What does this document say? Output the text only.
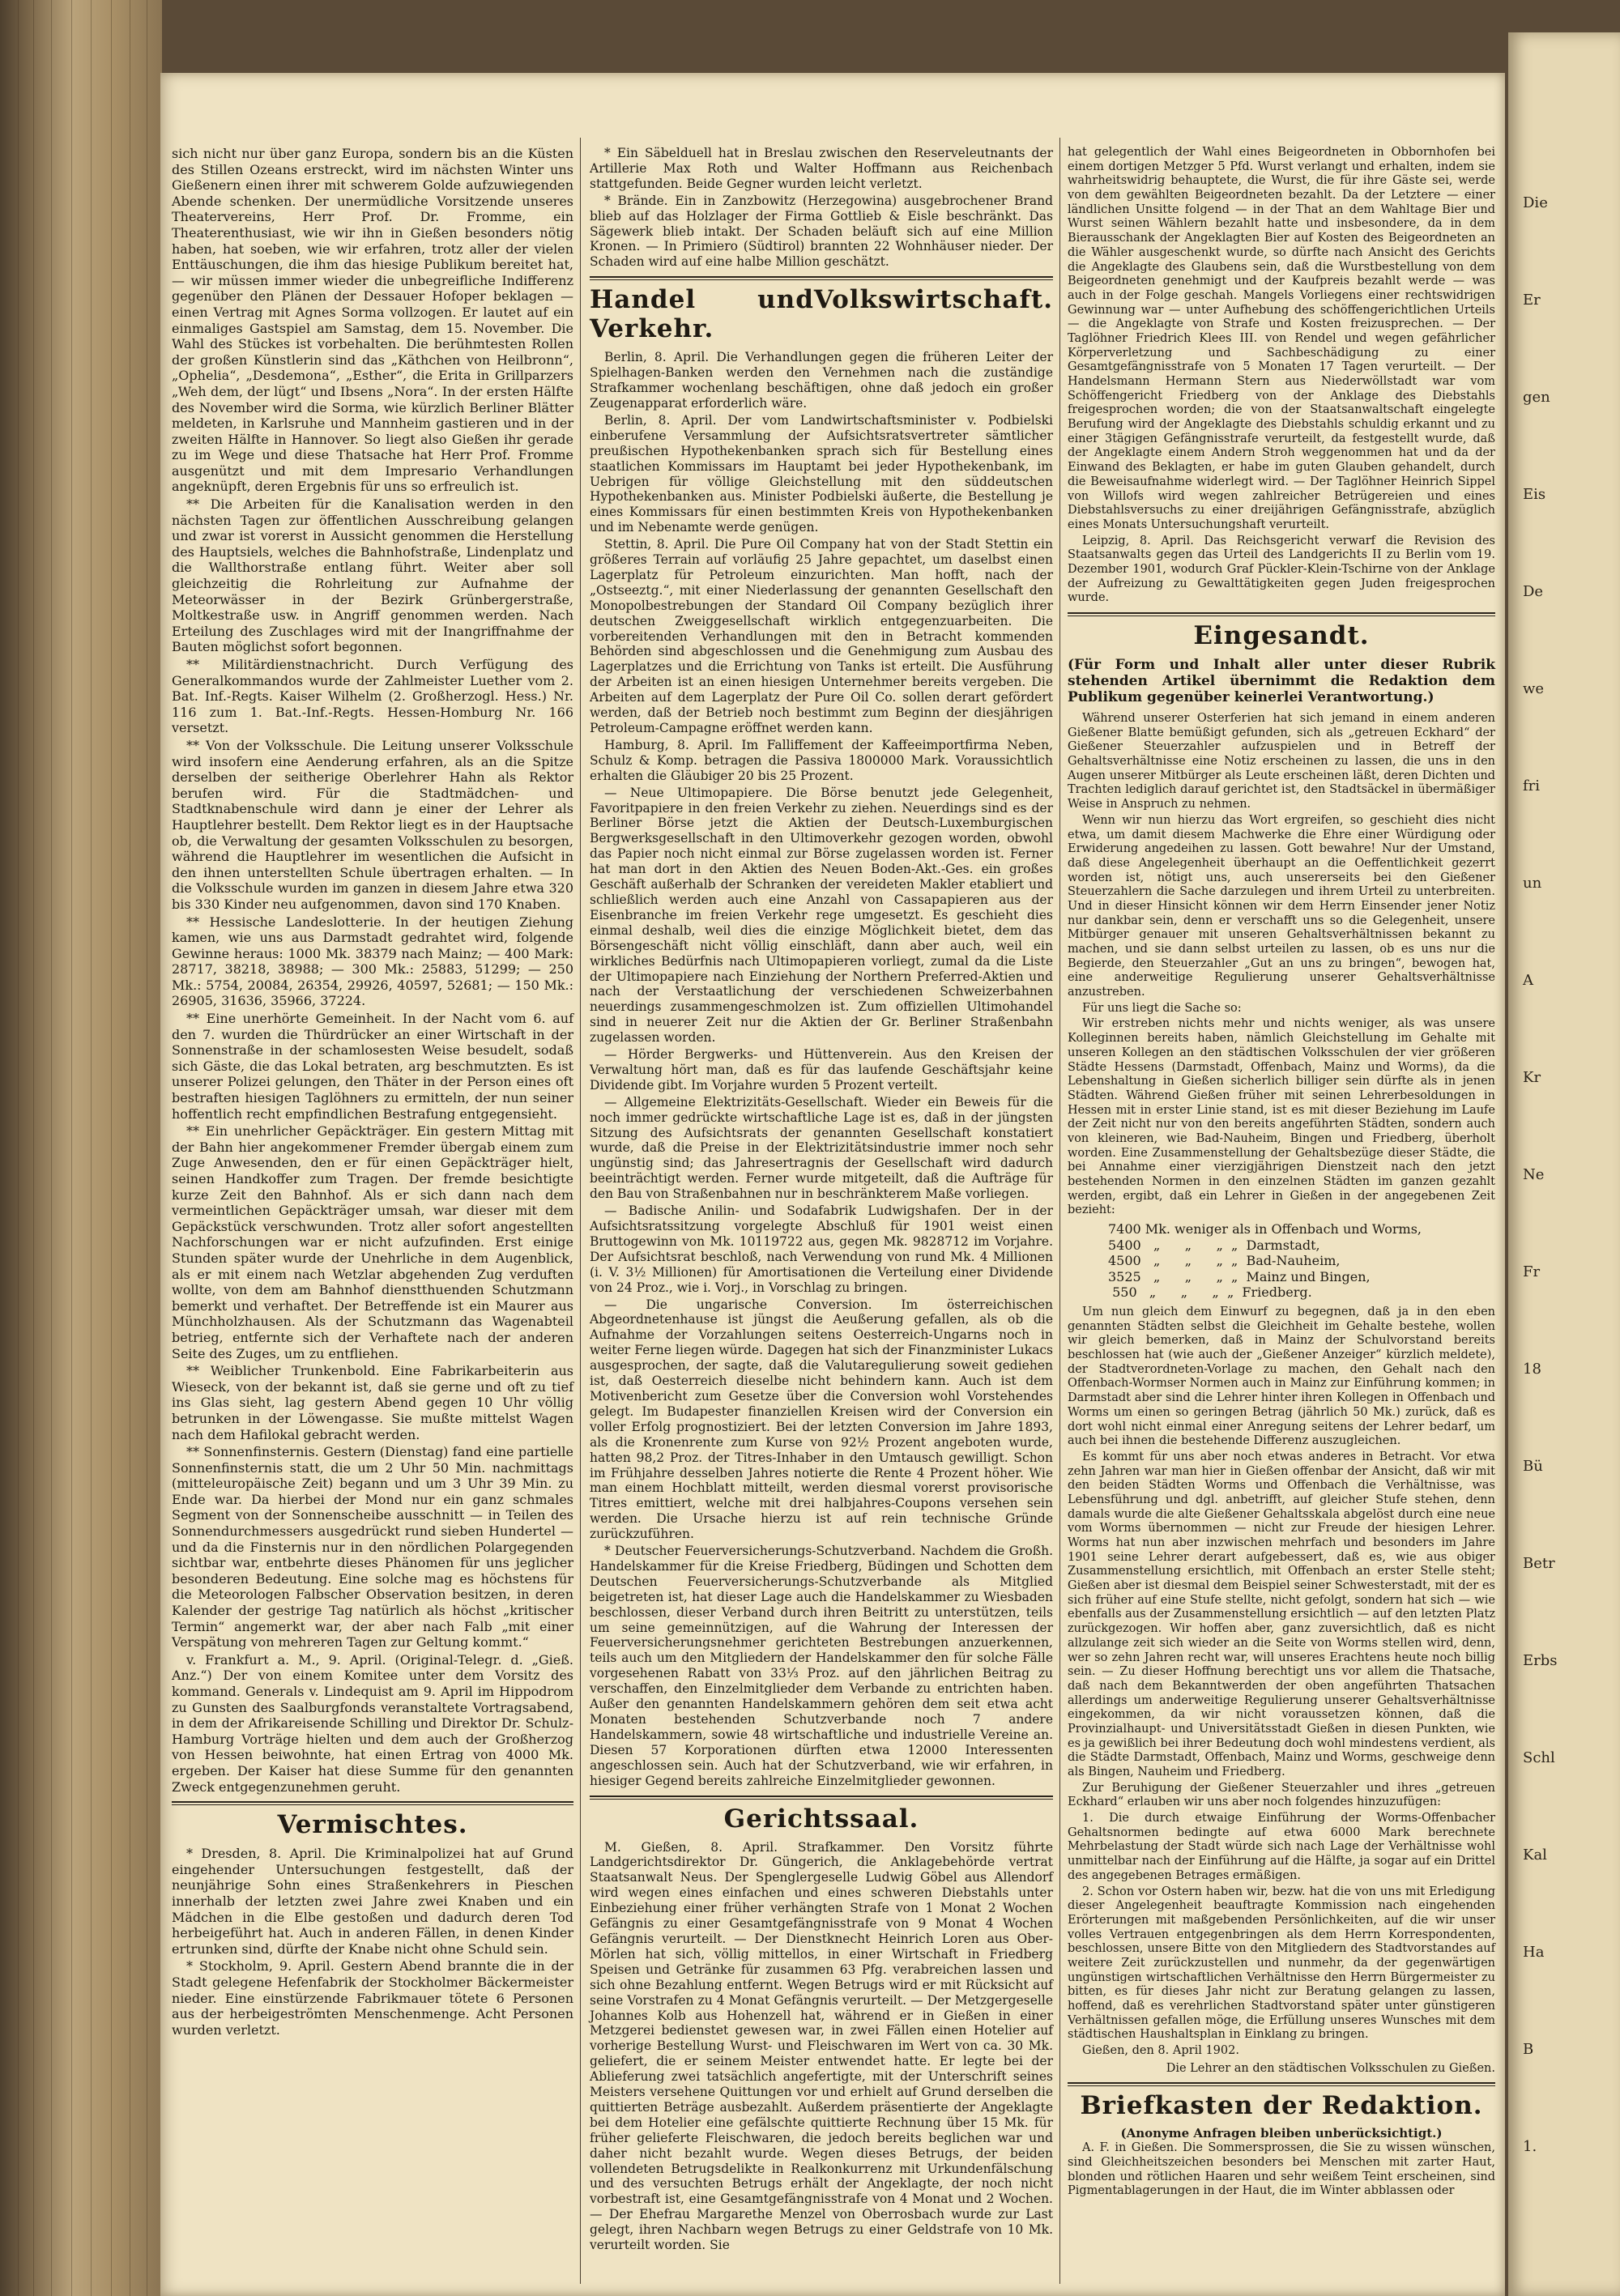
sich nicht nur über ganz Europa, sondern bis an die Küsten des Stillen Ozeans erstreckt, wird im nächsten Winter uns Gießenern einen ihrer mit schwerem Golde aufzuwiegenden Abende schenken. Der unermüdliche Vorsitzende unseres Theatervereins, Herr Prof. Dr. Fromme, ein Theaterenthusiast, wie wir ihn in Gießen besonders nötig haben, hat soeben, wie wir erfahren, trotz aller der vielen Enttäuschungen, die ihm das hiesige Publikum bereitet hat, — wir müssen immer wieder die unbegreifliche Indifferenz gegenüber den Plänen der Dessauer Hofoper beklagen — einen Vertrag mit Agnes Sorma vollzogen. Er lautet auf ein einmaliges Gastspiel am Samstag, dem 15. November. Die Wahl des Stückes ist vorbehalten. Die berühmtesten Rollen der großen Künstlerin sind das „Käthchen von Heilbronn“, „Ophelia“, „Desdemona“, „Esther“, die Erita in Grillparzers „Weh dem, der lügt“ und Ibsens „Nora“. In der ersten Hälfte des November wird die Sorma, wie kürzlich Berliner Blätter meldeten, in Karlsruhe und Mannheim gastieren und in der zweiten Hälfte in Hannover. So liegt also Gießen ihr gerade zu im Wege und diese Thatsache hat Herr Prof. Fromme ausgenützt und mit dem Impresario Verhandlungen angeknüpft, deren Ergebnis für uns so erfreulich ist.

** Die Arbeiten für die Kanalisation werden in den nächsten Tagen zur öffentlichen Ausschreibung gelangen und zwar ist vorerst in Aussicht genommen die Herstellung des Hauptsiels, welches die Bahnhofstraße, Lindenplatz und die Wallthorstraße entlang führt. Weiter aber soll gleichzeitig die Rohrleitung zur Aufnahme der Meteorwässer in der Bezirk Grünbergerstraße, Moltkestraße usw. in Angriff genommen werden. Nach Erteilung des Zuschlages wird mit der Inangriffnahme der Bauten möglichst sofort begonnen.

** Militärdienstnachricht. Durch Verfügung des Generalkommandos wurde der Zahlmeister Luether vom 2. Bat. Inf.-Regts. Kaiser Wilhelm (2. Großherzogl. Hess.) Nr. 116 zum 1. Bat.-Inf.-Regts. Hessen-Homburg Nr. 166 versetzt.

** Von der Volksschule. Die Leitung unserer Volksschule wird insofern eine Aenderung erfahren, als an die Spitze derselben der seitherige Oberlehrer Hahn als Rektor berufen wird. Für die Stadtmädchen- und Stadtknabenschule wird dann je einer der Lehrer als Hauptlehrer bestellt. Dem Rektor liegt es in der Hauptsache ob, die Verwaltung der gesamten Volksschulen zu besorgen, während die Hauptlehrer im wesentlichen die Aufsicht in den ihnen unterstellten Schule übertragen erhalten. — In die Volksschule wurden im ganzen in diesem Jahre etwa 320 bis 330 Kinder neu aufgenommen, davon sind 170 Knaben.

** Hessische Landeslotterie. In der heutigen Ziehung kamen, wie uns aus Darmstadt gedrahtet wird, folgende Gewinne heraus: 1000 Mk. 38379 nach Mainz; — 400 Mark: 28717, 38218, 38988; — 300 Mk.: 25883, 51299; — 250 Mk.: 5754, 20084, 26354, 29926, 40597, 52681; — 150 Mk.: 26905, 31636, 35966, 37224.

** Eine unerhörte Gemeinheit. In der Nacht vom 6. auf den 7. wurden die Thürdrücker an einer Wirtschaft in der Sonnenstraße in der schamlosesten Weise besudelt, sodaß sich Gäste, die das Lokal betraten, arg beschmutzten. Es ist unserer Polizei gelungen, den Thäter in der Person eines oft bestraften hiesigen Taglöhners zu ermitteln, der nun seiner hoffentlich recht empfindlichen Bestrafung entgegensieht.

** Ein unehrlicher Gepäckträger. Ein gestern Mittag mit der Bahn hier angekommener Fremder übergab einem zum Zuge Anwesenden, den er für einen Gepäckträger hielt, seinen Handkoffer zum Tragen. Der fremde besichtigte kurze Zeit den Bahnhof. Als er sich dann nach dem vermeintlichen Gepäckträger umsah, war dieser mit dem Gepäckstück verschwunden. Trotz aller sofort angestellten Nachforschungen war er nicht aufzufinden. Erst einige Stunden später wurde der Unehrliche in dem Augenblick, als er mit einem nach Wetzlar abgehenden Zug verduften wollte, von dem am Bahnhof dienstthuenden Schutzmann bemerkt und verhaftet. Der Betreffende ist ein Maurer aus Münchholzhausen. Als der Schutzmann das Wagenabteil betrieg, entfernte sich der Verhaftete nach der anderen Seite des Zuges, um zu entfliehen.

** Weiblicher Trunkenbold. Eine Fabrikarbeiterin aus Wieseck, von der bekannt ist, daß sie gerne und oft zu tief ins Glas sieht, lag gestern Abend gegen 10 Uhr völlig betrunken in der Löwengasse. Sie mußte mittelst Wagen nach dem Hafilokal gebracht werden.

** Sonnenfinsternis. Gestern (Dienstag) fand eine partielle Sonnenfinsternis statt, die um 2 Uhr 50 Min. nachmittags (mitteleuropäische Zeit) begann und um 3 Uhr 39 Min. zu Ende war. Da hierbei der Mond nur ein ganz schmales Segment von der Sonnenscheibe ausschnitt — in Teilen des Sonnendurchmessers ausgedrückt rund sieben Hundertel — und da die Finsternis nur in den nördlichen Polargegenden sichtbar war, entbehrte dieses Phänomen für uns jeglicher besonderen Bedeutung. Eine solche mag es höchstens für die Meteorologen Falbscher Observation besitzen, in deren Kalender der gestrige Tag natürlich als höchst „kritischer Termin“ angemerkt war, der aber nach Falb „mit einer Verspätung von mehreren Tagen zur Geltung kommt.“

v. Frankfurt a. M., 9. April. (Original-Telegr. d. „Gieß. Anz.“) Der von einem Komitee unter dem Vorsitz des kommand. Generals v. Lindequist am 9. April im Hippodrom zu Gunsten des Saalburgfonds veranstaltete Vortragsabend, in dem der Afrikareisende Schilling und Direktor Dr. Schulz-Hamburg Vorträge hielten und dem auch der Großherzog von Hessen beiwohnte, hat einen Ertrag von 4000 Mk. ergeben. Der Kaiser hat diese Summe für den genannten Zweck entgegenzunehmen geruht.

Vermischtes.

* Dresden, 8. April. Die Kriminalpolizei hat auf Grund eingehender Untersuchungen festgestellt, daß der neunjährige Sohn eines Straßenkehrers in Pieschen innerhalb der letzten zwei Jahre zwei Knaben und ein Mädchen in die Elbe gestoßen und dadurch deren Tod herbeigeführt hat. Auch in anderen Fällen, in denen Kinder ertrunken sind, dürfte der Knabe nicht ohne Schuld sein.

* Stockholm, 9. April. Gestern Abend brannte die in der Stadt gelegene Hefenfabrik der Stockholmer Bäckermeister nieder. Eine einstürzende Fabrikmauer tötete 6 Personen aus der herbeigeströmten Menschenmenge. Acht Personen wurden verletzt.

* Ein Säbelduell hat in Breslau zwischen den Reserveleutnants der Artillerie Max Roth und Walter Hoffmann aus Reichenbach stattgefunden. Beide Gegner wurden leicht verletzt.

* Brände. Ein in Zanzbowitz (Herzegowina) ausgebrochener Brand blieb auf das Holzlager der Firma Gottlieb & Eisle beschränkt. Das Sägewerk blieb intakt. Der Schaden beläuft sich auf eine Million Kronen. — In Primiero (Südtirol) brannten 22 Wohnhäuser nieder. Der Schaden wird auf eine halbe Million geschätzt.

Handel und Verkehr.
Volkswirtschaft.

Berlin, 8. April. Die Verhandlungen gegen die früheren Leiter der Spielhagen-Banken werden den Vernehmen nach die zuständige Strafkammer wochenlang beschäftigen, ohne daß jedoch ein großer Zeugenapparat erforderlich wäre.

Berlin, 8. April. Der vom Landwirtschaftsminister v. Podbielski einberufene Versammlung der Aufsichtsratsvertreter sämtlicher preußischen Hypothekenbanken sprach sich für Bestellung eines staatlichen Kommissars im Hauptamt bei jeder Hypothekenbank, im Uebrigen für völlige Gleichstellung mit den süddeutschen Hypothekenbanken aus. Minister Podbielski äußerte, die Bestellung je eines Kommissars für einen bestimmten Kreis von Hypothekenbanken und im Nebenamte werde genügen.

Stettin, 8. April. Die Pure Oil Company hat von der Stadt Stettin ein größeres Terrain auf vorläufig 25 Jahre gepachtet, um daselbst einen Lagerplatz für Petroleum einzurichten. Man hofft, nach der „Ostseeztg.“, mit einer Niederlassung der genannten Gesellschaft den Monopolbestrebungen der Standard Oil Company bezüglich ihrer deutschen Zweiggesellschaft wirklich entgegenzuarbeiten. Die vorbereitenden Verhandlungen mit den in Betracht kommenden Behörden sind abgeschlossen und die Genehmigung zum Ausbau des Lagerplatzes und die Errichtung von Tanks ist erteilt. Die Ausführung der Arbeiten ist an einen hiesigen Unternehmer bereits vergeben. Die Arbeiten auf dem Lagerplatz der Pure Oil Co. sollen derart gefördert werden, daß der Betrieb noch bestimmt zum Beginn der diesjährigen Petroleum-Campagne eröffnet werden kann.

Hamburg, 8. April. Im Falliffement der Kaffeeimportfirma Neben, Schulz & Komp. betragen die Passiva 1800000 Mark. Voraussichtlich erhalten die Gläubiger 20 bis 25 Prozent.

— Neue Ultimopapiere. Die Börse benutzt jede Gelegenheit, Favoritpapiere in den freien Verkehr zu ziehen. Neuerdings sind es der Berliner Börse jetzt die Aktien der Deutsch-Luxemburgischen Bergwerksgesellschaft in den Ultimoverkehr gezogen worden, obwohl das Papier noch nicht einmal zur Börse zugelassen worden ist. Ferner hat man dort in den Aktien des Neuen Boden-Akt.-Ges. ein großes Geschäft außerhalb der Schranken der vereideten Makler etabliert und schließlich werden auch eine Anzahl von Cassapapieren aus der Eisenbranche im freien Verkehr rege umgesetzt. Es geschieht dies einmal deshalb, weil dies die einzige Möglichkeit bietet, dem das Börsengeschäft nicht völlig einschläft, dann aber auch, weil ein wirkliches Bedürfnis nach Ultimopapieren vorliegt, zumal da die Liste der Ultimopapiere nach Einziehung der Northern Preferred-Aktien und nach der Verstaatlichung der verschiedenen Schweizerbahnen neuerdings zusammengeschmolzen ist. Zum offiziellen Ultimohandel sind in neuerer Zeit nur die Aktien der Gr. Berliner Straßenbahn zugelassen worden.

— Hörder Bergwerks- und Hüttenverein. Aus den Kreisen der Verwaltung hört man, daß es für das laufende Geschäftsjahr keine Dividende gibt. Im Vorjahre wurden 5 Prozent verteilt.

— Allgemeine Elektrizitäts-Gesellschaft. Wieder ein Beweis für die noch immer gedrückte wirtschaftliche Lage ist es, daß in der jüngsten Sitzung des Aufsichtsrats der genannten Gesellschaft konstatiert wurde, daß die Preise in der Elektrizitätsindustrie immer noch sehr ungünstig sind; das Jahresertragnis der Gesellschaft wird dadurch beeinträchtigt werden. Ferner wurde mitgeteilt, daß die Aufträge für den Bau von Straßenbahnen nur in beschränkterem Maße vorliegen.

— Badische Anilin- und Sodafabrik Ludwigshafen. Der in der Aufsichtsratssitzung vorgelegte Abschluß für 1901 weist einen Bruttogewinn von Mk. 10119722 aus, gegen Mk. 9828712 im Vorjahre. Der Aufsichtsrat beschloß, nach Verwendung von rund Mk. 4 Millionen (i. V. 3½ Millionen) für Amortisationen die Verteilung einer Dividende von 24 Proz., wie i. Vorj., in Vorschlag zu bringen.

— Die ungarische Conversion. Im österreichischen Abgeordnetenhause ist jüngst die Aeußerung gefallen, als ob die Aufnahme der Vorzahlungen seitens Oesterreich-Ungarns noch in weiter Ferne liegen würde. Dagegen hat sich der Finanzminister Lukacs ausgesprochen, der sagte, daß die Valutaregulierung soweit gediehen ist, daß Oesterreich dieselbe nicht behindern kann. Auch ist dem Motivenbericht zum Gesetze über die Conversion wohl Vorstehendes gelegt. Im Budapester finanziellen Kreisen wird der Conversion ein voller Erfolg prognostiziert. Bei der letzten Conversion im Jahre 1893, als die Kronenrente zum Kurse von 92½ Prozent angeboten wurde, hatten 98,2 Proz. der Titres-Inhaber in den Umtausch gewilligt. Schon im Frühjahre desselben Jahres notierte die Rente 4 Prozent höher. Wie man einem Hochblatt mitteilt, werden diesmal vorerst provisorische Titres emittiert, welche mit drei halbjahres-Coupons versehen sein werden. Die Ursache hierzu ist auf rein technische Gründe zurückzuführen.

* Deutscher Feuerversicherungs-Schutzverband. Nachdem die Großh. Handelskammer für die Kreise Friedberg, Büdingen und Schotten dem Deutschen Feuerversicherungs-Schutzverbande als Mitglied beigetreten ist, hat dieser Lage auch die Handelskammer zu Wiesbaden beschlossen, dieser Verband durch ihren Beitritt zu unterstützen, teils um seine gemeinnützigen, auf die Wahrung der Interessen der Feuerversicherungsnehmer gerichteten Bestrebungen anzuerkennen, teils auch um den Mitgliedern der Handelskammer den für solche Fälle vorgesehenen Rabatt von 33⅓ Proz. auf den jährlichen Beitrag zu verschaffen, den Einzelmitglieder dem Verbande zu entrichten haben. Außer den genannten Handelskammern gehören dem seit etwa acht Monaten bestehenden Schutzverbande noch 7 andere Handelskammern, sowie 48 wirtschaftliche und industrielle Vereine an. Diesen 57 Korporationen dürften etwa 12000 Interessenten angeschlossen sein. Auch hat der Schutzverband, wie wir erfahren, in hiesiger Gegend bereits zahlreiche Einzelmitglieder gewonnen.

Gerichtssaal.

M. Gießen, 8. April. Strafkammer. Den Vorsitz führte Landgerichtsdirektor Dr. Güngerich, die Anklagebehörde vertrat Staatsanwalt Neus. Der Spenglergeselle Ludwig Göbel aus Allendorf wird wegen eines einfachen und eines schweren Diebstahls unter Einbeziehung einer früher verhängten Strafe von 1 Monat 2 Wochen Gefängnis zu einer Gesamtgefängnisstrafe von 9 Monat 4 Wochen Gefängnis verurteilt. — Der Dienstknecht Heinrich Loren aus Ober-Mörlen hat sich, völlig mittellos, in einer Wirtschaft in Friedberg Speisen und Getränke für zusammen 63 Pfg. verabreichen lassen und sich ohne Bezahlung entfernt. Wegen Betrugs wird er mit Rücksicht auf seine Vorstrafen zu 4 Monat Gefängnis verurteilt. — Der Metzgergeselle Johannes Kolb aus Hohenzell hat, während er in Gießen in einer Metzgerei bedienstet gewesen war, in zwei Fällen einen Hotelier auf vorherige Bestellung Wurst- und Fleischwaren im Wert von ca. 30 Mk. geliefert, die er seinem Meister entwendet hatte. Er legte bei der Ablieferung zwei tatsächlich angefertigte, mit der Unterschrift seines Meisters versehene Quittungen vor und erhielt auf Grund derselben die quittierten Beträge ausbezahlt. Außerdem präsentierte der Angeklagte bei dem Hotelier eine gefälschte quittierte Rechnung über 15 Mk. für früher gelieferte Fleischwaren, die jedoch bereits beglichen war und daher nicht bezahlt wurde. Wegen dieses Betrugs, der beiden vollendeten Betrugsdelikte in Realkonkurrenz mit Urkundenfälschung und des versuchten Betrugs erhält der Angeklagte, der noch nicht vorbestraft ist, eine Gesamtgefängnisstrafe von 4 Monat und 2 Wochen. — Der Ehefrau Margarethe Menzel von Oberrosbach wurde zur Last gelegt, ihren Nachbarn wegen Betrugs zu einer Geldstrafe von 10 Mk. verurteilt worden. Sie

hat gelegentlich der Wahl eines Beigeordneten in Obbornhofen bei einem dortigen Metzger 5 Pfd. Wurst verlangt und erhalten, indem sie wahrheitswidrig behauptete, die Wurst, die für ihre Gäste sei, werde von dem gewählten Beigeordneten bezahlt. Da der Letztere — einer ländlichen Unsitte folgend — in der That an dem Wahltage Bier und Wurst seinen Wählern bezahlt hatte und insbesondere, da in dem Bierausschank der Angeklagten Bier auf Kosten des Beigeordneten an die Wähler ausgeschenkt wurde, so dürfte nach Ansicht des Gerichts die Angeklagte des Glaubens sein, daß die Wurstbestellung von dem Beigeordneten genehmigt und der Kaufpreis bezahlt werde — was auch in der Folge geschah. Mangels Vorliegens einer rechtswidrigen Gewinnung war — unter Aufhebung des schöffengerichtlichen Urteils — die Angeklagte von Strafe und Kosten freizusprechen. — Der Taglöhner Friedrich Klees III. von Rendel und wegen gefährlicher Körperverletzung und Sachbeschädigung zu einer Gesamtgefängnisstrafe von 5 Monaten 17 Tagen verurteilt. — Der Handelsmann Hermann Stern aus Niederwöllstadt war vom Schöffengericht Friedberg von der Anklage des Diebstahls freigesprochen worden; die von der Staatsanwaltschaft eingelegte Berufung wird der Angeklagte des Diebstahls schuldig erkannt und zu einer 3tägigen Gefängnisstrafe verurteilt, da festgestellt wurde, daß der Angeklagte einem Andern Stroh weggenommen hat und da der Einwand des Beklagten, er habe im guten Glauben gehandelt, durch die Beweisaufnahme widerlegt wird. — Der Taglöhner Heinrich Sippel von Willofs wird wegen zahlreicher Betrügereien und eines Diebstahlsversuchs zu einer dreijährigen Gefängnisstrafe, abzüglich eines Monats Untersuchungshaft verurteilt.

Leipzig, 8. April. Das Reichsgericht verwarf die Revision des Staatsanwalts gegen das Urteil des Landgerichts II zu Berlin vom 19. Dezember 1901, wodurch Graf Pückler-Klein-Tschirne von der Anklage der Aufreizung zu Gewalttätigkeiten gegen Juden freigesprochen wurde.

Eingesandt.
(Für Form und Inhalt aller unter dieser Rubrik stehenden Artikel übernimmt die Redaktion dem Publikum gegenüber keinerlei Verantwortung.)

Während unserer Osterferien hat sich jemand in einem anderen Gießener Blatte bemüßigt gefunden, sich als „getreuen Eckhard“ der Gießener Steuerzahler aufzuspielen und in Betreff der Gehaltsverhältnisse eine Notiz erscheinen zu lassen, die uns in den Augen unserer Mitbürger als Leute erscheinen läßt, deren Dichten und Trachten lediglich darauf gerichtet ist, den Stadtsäckel in übermäßiger Weise in Anspruch zu nehmen.

Wenn wir nun hierzu das Wort ergreifen, so geschieht dies nicht etwa, um damit diesem Machwerke die Ehre einer Würdigung oder Erwiderung angedeihen zu lassen. Gott bewahre! Nur der Umstand, daß diese Angelegenheit überhaupt an die Oeffentlichkeit gezerrt worden ist, nötigt uns, auch unsererseits bei den Gießener Steuerzahlern die Sache darzulegen und ihrem Urteil zu unterbreiten. Und in dieser Hinsicht können wir dem Herrn Einsender jener Notiz nur dankbar sein, denn er verschafft uns so die Gelegenheit, unsere Mitbürger genauer mit unseren Gehaltsverhältnissen bekannt zu machen, und sie dann selbst urteilen zu lassen, ob es uns nur die Begierde, den Steuerzahler „Gut an uns zu bringen“, bewogen hat, eine anderweitige Regulierung unserer Gehaltsverhältnisse anzustreben.

Für uns liegt die Sache so:

Wir erstreben nichts mehr und nichts weniger, als was unsere Kolleginnen bereits haben, nämlich Gleichstellung im Gehalte mit unseren Kollegen an den städtischen Volksschulen der vier größeren Städte Hessens (Darmstadt, Offenbach, Mainz und Worms), da die Lebenshaltung in Gießen sicherlich billiger sein dürfte als in jenen Städten. Während Gießen früher mit seinen Lehrerbesoldungen in Hessen mit in erster Linie stand, ist es mit dieser Beziehung im Laufe der Zeit nicht nur von den bereits angeführten Städten, sondern auch von kleineren, wie Bad-Nauheim, Bingen und Friedberg, überholt worden. Eine Zusammenstellung der Gehaltsbezüge dieser Städte, die bei Annahme einer vierzigjährigen Dienstzeit nach den jetzt bestehenden Normen in den einzelnen Städten im ganzen gezahlt werden, ergibt, daß ein Lehrer in Gießen in der angegebenen Zeit bezieht:

7400 Mk. weniger als in Offenbach und Worms,
5400   „      „      „  „  Darmstadt,
4500   „      „      „  „  Bad-Nauheim,
3525   „      „      „  „  Mainz und Bingen,
550   „      „      „  „  Friedberg.

Um nun gleich dem Einwurf zu begegnen, daß ja in den eben genannten Städten selbst die Gleichheit im Gehalte bestehe, wollen wir gleich bemerken, daß in Mainz der Schulvorstand bereits beschlossen hat (wie auch der „Gießener Anzeiger“ kürzlich meldete), der Stadtverordneten-Vorlage zu machen, den Gehalt nach den Offenbach-Wormser Normen auch in Mainz zur Einführung kommen; in Darmstadt aber sind die Lehrer hinter ihren Kollegen in Offenbach und Worms um einen so geringen Betrag (jährlich 50 Mk.) zurück, daß es dort wohl nicht einmal einer Anregung seitens der Lehrer bedarf, um auch bei ihnen die bestehende Differenz auszugleichen.

Es kommt für uns aber noch etwas anderes in Betracht. Vor etwa zehn Jahren war man hier in Gießen offenbar der Ansicht, daß wir mit den beiden Städten Worms und Offenbach die Verhältnisse, was Lebensführung und dgl. anbetrifft, auf gleicher Stufe stehen, denn damals wurde die alte Gießener Gehaltsskala abgelöst durch eine neue vom Worms übernommen — nicht zur Freude der hiesigen Lehrer. Worms hat nun aber inzwischen mehrfach und besonders im Jahre 1901 seine Lehrer derart aufgebessert, daß es, wie aus obiger Zusammenstellung ersichtlich, mit Offenbach an erster Stelle steht; Gießen aber ist diesmal dem Beispiel seiner Schwesterstadt, mit der es sich früher auf eine Stufe stellte, nicht gefolgt, sondern hat sich — wie ebenfalls aus der Zusammenstellung ersichtlich — auf den letzten Platz zurückgezogen. Wir hoffen aber, ganz zuversichtlich, daß es nicht allzulange zeit sich wieder an die Seite von Worms stellen wird, denn, wer so zehn Jahren recht war, will unseres Erachtens heute noch billig sein. — Zu dieser Hoffnung berechtigt uns vor allem die Thatsache, daß nach dem Bekanntwerden der oben angeführten Thatsachen allerdings um anderweitige Regulierung unserer Gehaltsverhältnisse eingekommen, da wir nicht voraussetzen können, daß die Provinzialhaupt- und Universitätsstadt Gießen in diesen Punkten, wie es ja gewißlich bei ihrer Bedeutung doch wohl mindestens verdient, als die Städte Darmstadt, Offenbach, Mainz und Worms, geschweige denn als Bingen, Nauheim und Friedberg.

Zur Beruhigung der Gießener Steuerzahler und ihres „getreuen Eckhard“ erlauben wir uns aber noch folgendes hinzuzufügen:

1. Die durch etwaige Einführung der Worms-Offenbacher Gehaltsnormen bedingte auf etwa 6000 Mark berechnete Mehrbelastung der Stadt würde sich nach Lage der Verhältnisse wohl unmittelbar nach der Einführung auf die Hälfte, ja sogar auf ein Drittel des angegebenen Betrages ermäßigen.

2. Schon vor Ostern haben wir, bezw. hat die von uns mit Erledigung dieser Angelegenheit beauftragte Kommission nach eingehenden Erörterungen mit maßgebenden Persönlichkeiten, auf die wir unser volles Vertrauen entgegenbringen als dem Herrn Korrespondenten, beschlossen, unsere Bitte von den Mitgliedern des Stadtvorstandes auf weitere Zeit zurückzustellen und nunmehr, da der gegenwärtigen ungünstigen wirtschaftlichen Verhältnisse den Herrn Bürgermeister zu bitten, es für dieses Jahr nicht zur Beratung gelangen zu lassen, hoffend, daß es verehrlichen Stadtvorstand später unter günstigeren Verhältnissen gefallen möge, die Erfüllung unseres Wunsches mit dem städtischen Haushaltsplan in Einklang zu bringen.

Gießen, den 8. April 1902.

Die Lehrer an den städtischen Volksschulen zu Gießen.
Briefkasten der Redaktion.
(Anonyme Anfragen bleiben unberücksichtigt.)

A. F. in Gießen. Die Sommersprossen, die Sie zu wissen wünschen, sind Gleichheitszeichen besonders bei Menschen mit zarter Haut, blonden und rötlichen Haaren und sehr weißem Teint erscheinen, sind Pigmentablagerungen in der Haut, die im Winter abblassen oder

Die
Er
gen
Eis
De
we
fri
un
A
Kr
Ne
Fr
18
Bü
Betr
Erbs
Schl
Kal
Ha
B
1.
